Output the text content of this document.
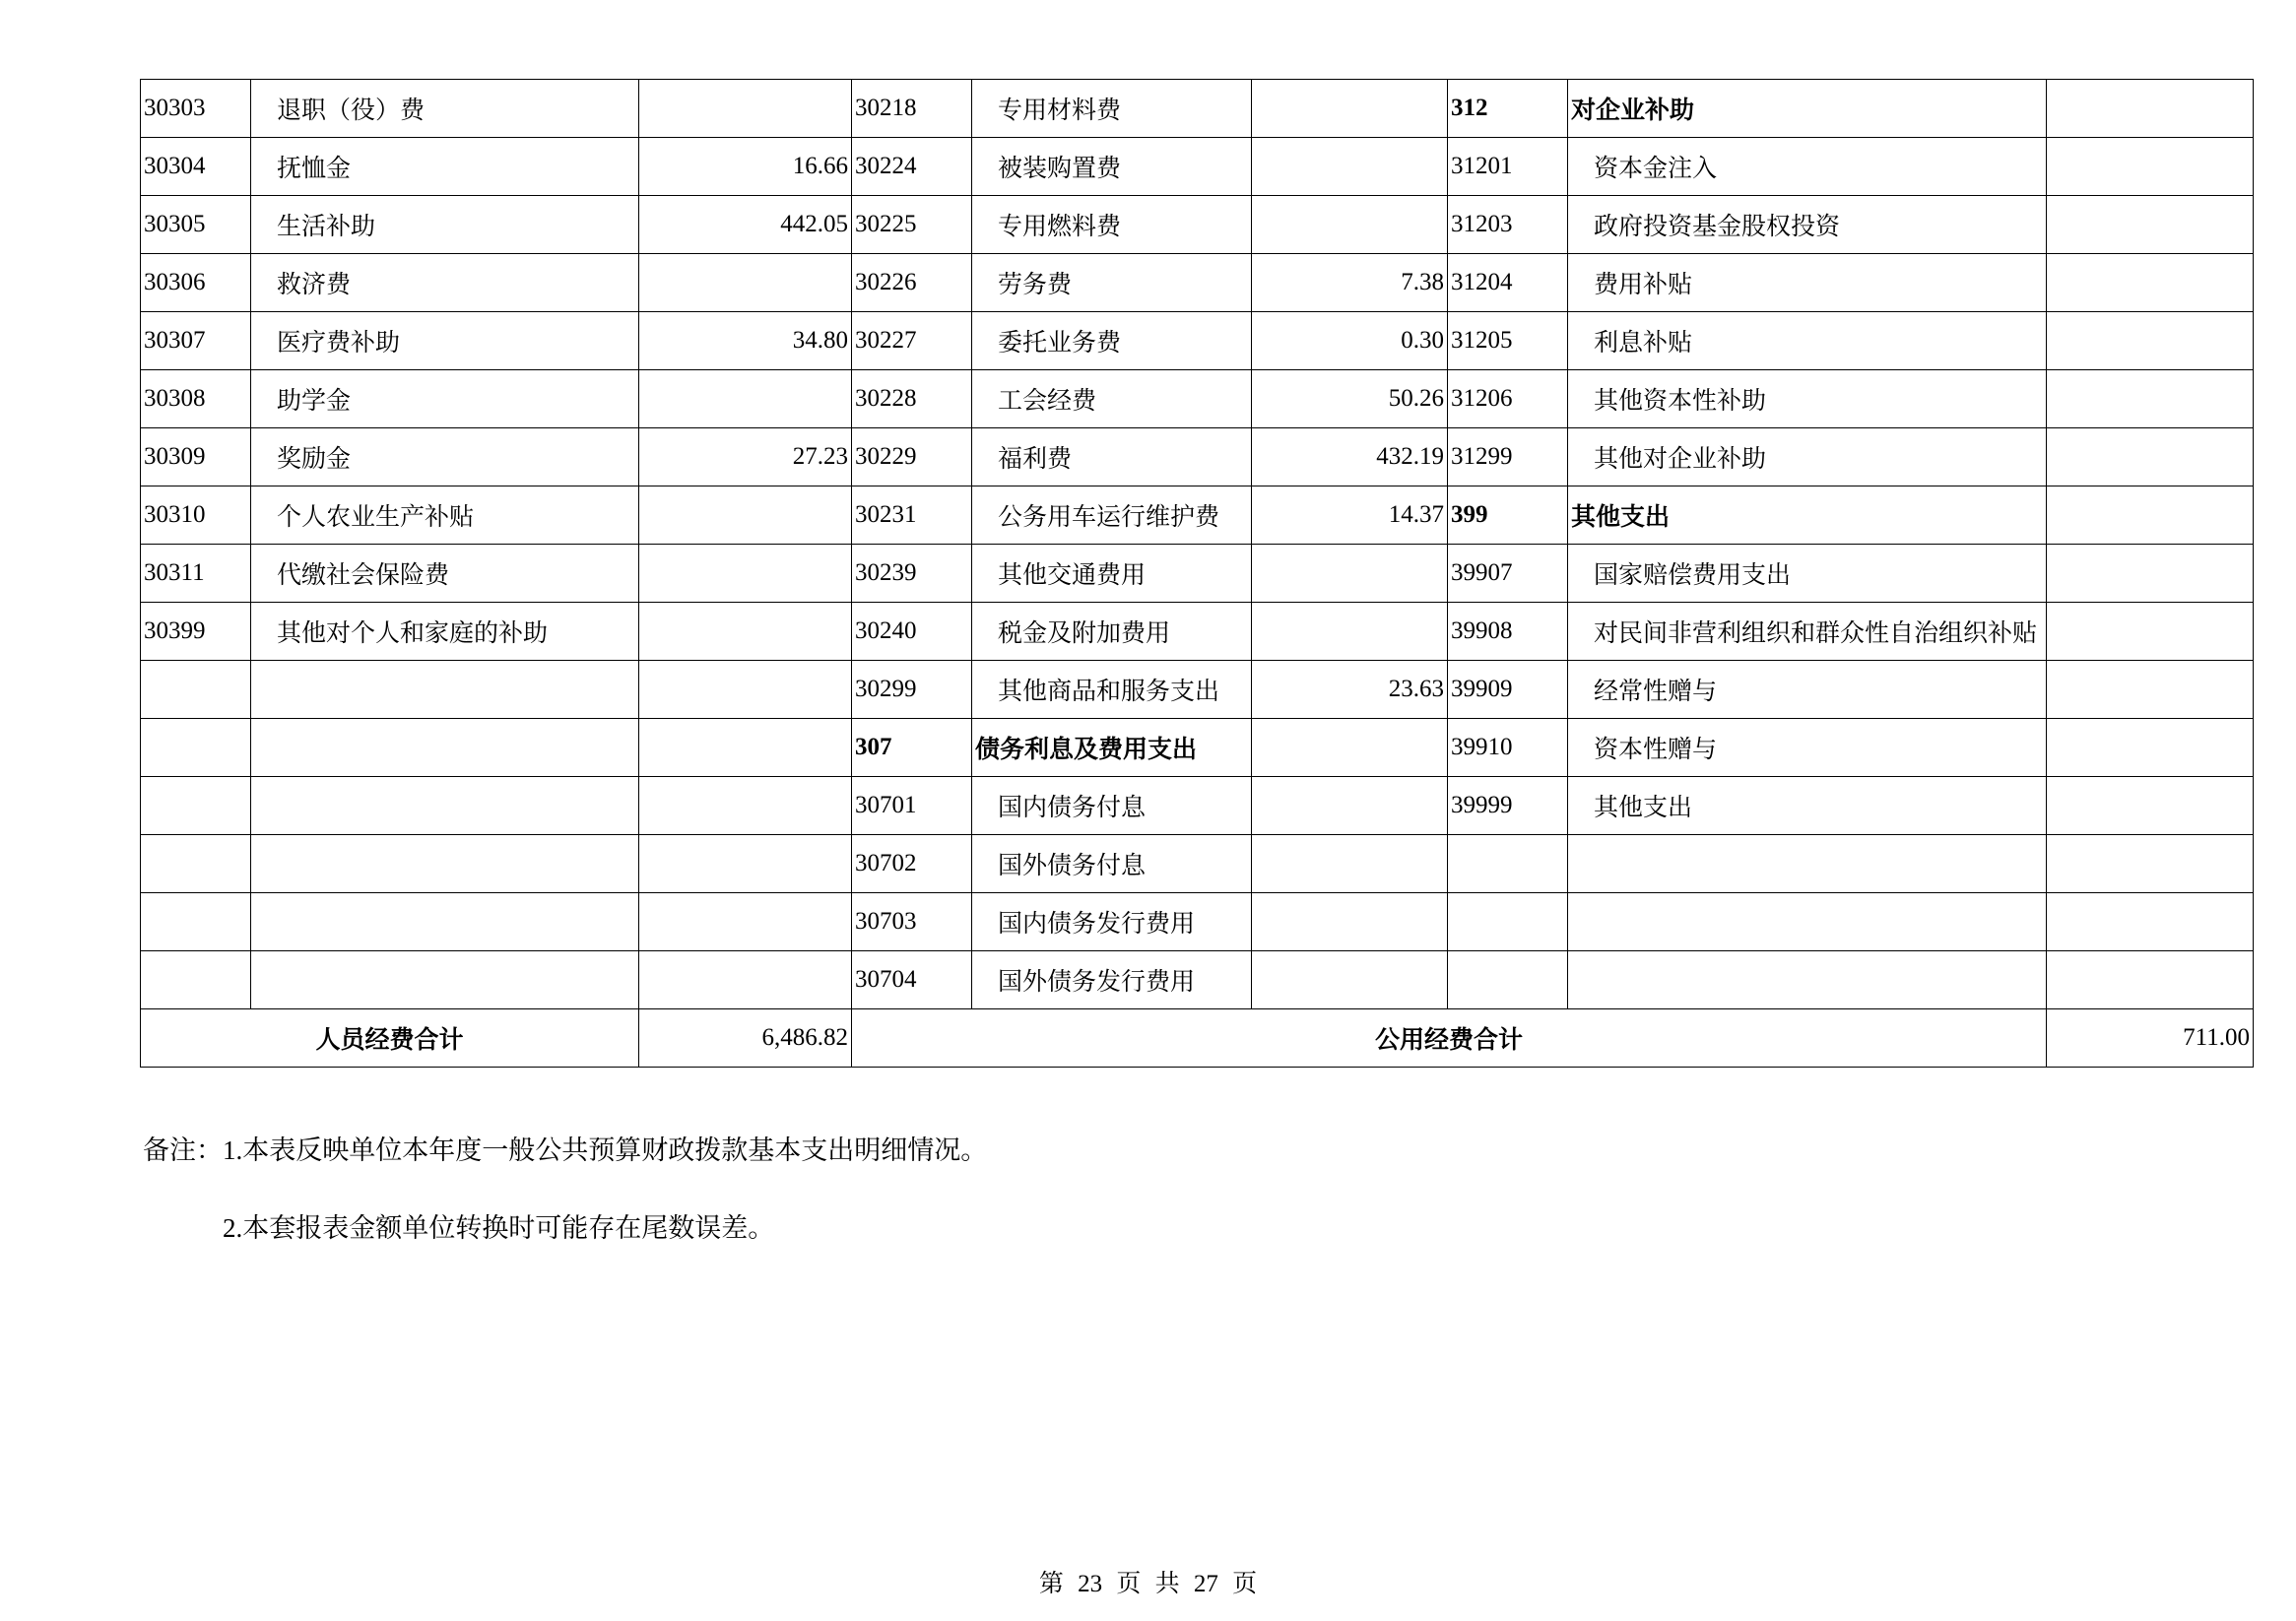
30303	退职（役）费		30218	专用材料费		312	对企业补助	
30304	抚恤金	16.66	30224	被装购置费		31201	资本金注入	
30305	生活补助	442.05	30225	专用燃料费		31203	政府投资基金股权投资	
30306	救济费		30226	劳务费	7.38	31204	费用补贴	
30307	医疗费补助	34.80	30227	委托业务费	0.30	31205	利息补贴	
30308	助学金		30228	工会经费	50.26	31206	其他资本性补助	
30309	奖励金	27.23	30229	福利费	432.19	31299	其他对企业补助	
30310	个人农业生产补贴		30231	公务用车运行维护费	14.37	399	其他支出	
30311	代缴社会保险费		30239	其他交通费用		39907	国家赔偿费用支出	
30399	其他对个人和家庭的补助		30240	税金及附加费用		39908	对民间非营利组织和群众性自治组织补贴	
			30299	其他商品和服务支出	23.63	39909	经常性赠与	
			307	债务利息及费用支出		39910	资本性赠与	
			30701	国内债务付息		39999	其他支出	
			30702	国外债务付息				
			30703	国内债务发行费用				
			30704	国外债务发行费用				
人员经费合计		6,486.82	公用经费合计					711.00
备注：1.本表反映单位本年度一般公共预算财政拨款基本支出明细情况。
2.本套报表金额单位转换时可能存在尾数误差。
第 23 页 共 27 页
